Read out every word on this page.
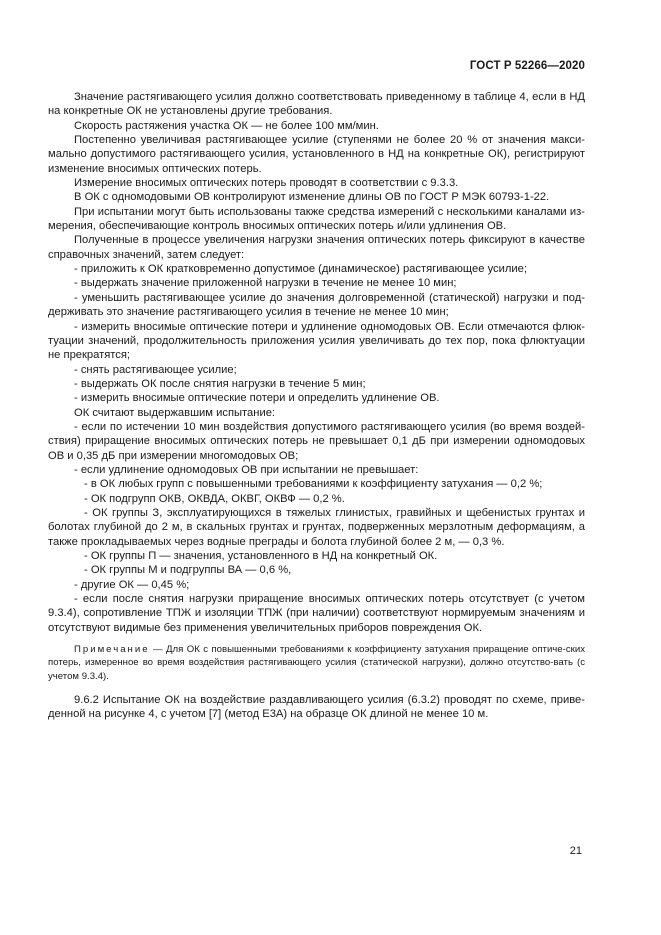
ГОСТ Р 52266—2020

Значение растягивающего усилия должно соответствовать приведенному в таблице 4, если в НД на конкретные ОК не установлены другие требования.

Скорость растяжения участка ОК — не более 100 мм/мин.

Постепенно увеличивая растягивающее усилие (ступенями не более 20 % от значения макси-мально допустимого растягивающего усилия, установленного в НД на конкретные ОК), регистрируют изменение вносимых оптических потерь.

Измерение вносимых оптических потерь проводят в соответствии с 9.3.3.

В ОК с одномодовыми ОВ контролируют изменение длины ОВ по ГОСТ Р МЭК 60793-1-22.

При испытании могут быть использованы также средства измерений с несколькими каналами из-мерения, обеспечивающие контроль вносимых оптических потерь и/или удлинения ОВ.

Полученные в процессе увеличения нагрузки значения оптических потерь фиксируют в качестве справочных значений, затем следует:

- приложить к ОК кратковременно допустимое (динамическое) растягивающее усилие;

- выдержать значение приложенной нагрузки в течение не менее 10 мин;

- уменьшить растягивающее усилие до значения долговременной (статической) нагрузки и под-держивать это значение растягивающего усилия в течение не менее 10 мин;

- измерить вносимые оптические потери и удлинение одномодовых ОВ. Если отмечаются флюк-туации значений, продолжительность приложения усилия увеличивать до тех пор, пока флюктуации не прекратятся;

- снять растягивающее усилие;

- выдержать ОК после снятия нагрузки в течение 5 мин;

- измерить вносимые оптические потери и определить удлинение ОВ.

ОК считают выдержавшим испытание:

- если по истечении 10 мин воздействия допустимого растягивающего усилия (во время воздей-ствия) приращение вносимых оптических потерь не превышает 0,1 дБ при измерении одномодовых ОВ и 0,35 дБ при измерении многомодовых ОВ;

- если удлинение одномодовых ОВ при испытании не превышает:

- в ОК любых групп с повышенными требованиями к коэффициенту затухания — 0,2 %;

- ОК подгрупп ОКВ, ОКВДА, ОКВГ, ОКВФ — 0,2 %.

- ОК группы З, эксплуатирующихся в тяжелых глинистых, гравийных и щебенистых грунтах и болотах глубиной до 2 м, в скальных грунтах и грунтах, подверженных мерзлотным деформациям, а также прокладываемых через водные преграды и болота глубиной более 2 м, — 0,3 %.

- ОК группы П — значения, установленного в НД на конкретный ОК.

- ОК группы М и подгруппы ВА — 0,6 %,

- другие ОК — 0,45 %;

- если после снятия нагрузки приращение вносимых оптических потерь отсутствует (с учетом 9.3.4), сопротивление ТПЖ и изоляции ТПЖ (при наличии) соответствуют нормируемым значениям и отсутствуют видимые без применения увеличительных приборов повреждения ОК.

Примечание — Для ОК с повышенными требованиями к коэффициенту затухания приращение оптиче-ских потерь, измеренное во время воздействия растягивающего усилия (статической нагрузки), должно отсутство-вать (с учетом 9.3.4).

9.6.2 Испытание ОК на воздействие раздавливающего усилия (6.3.2) проводят по схеме, приве-денной на рисунке 4, с учетом [7] (метод E3A) на образце ОК длиной не менее 10 м.

21
